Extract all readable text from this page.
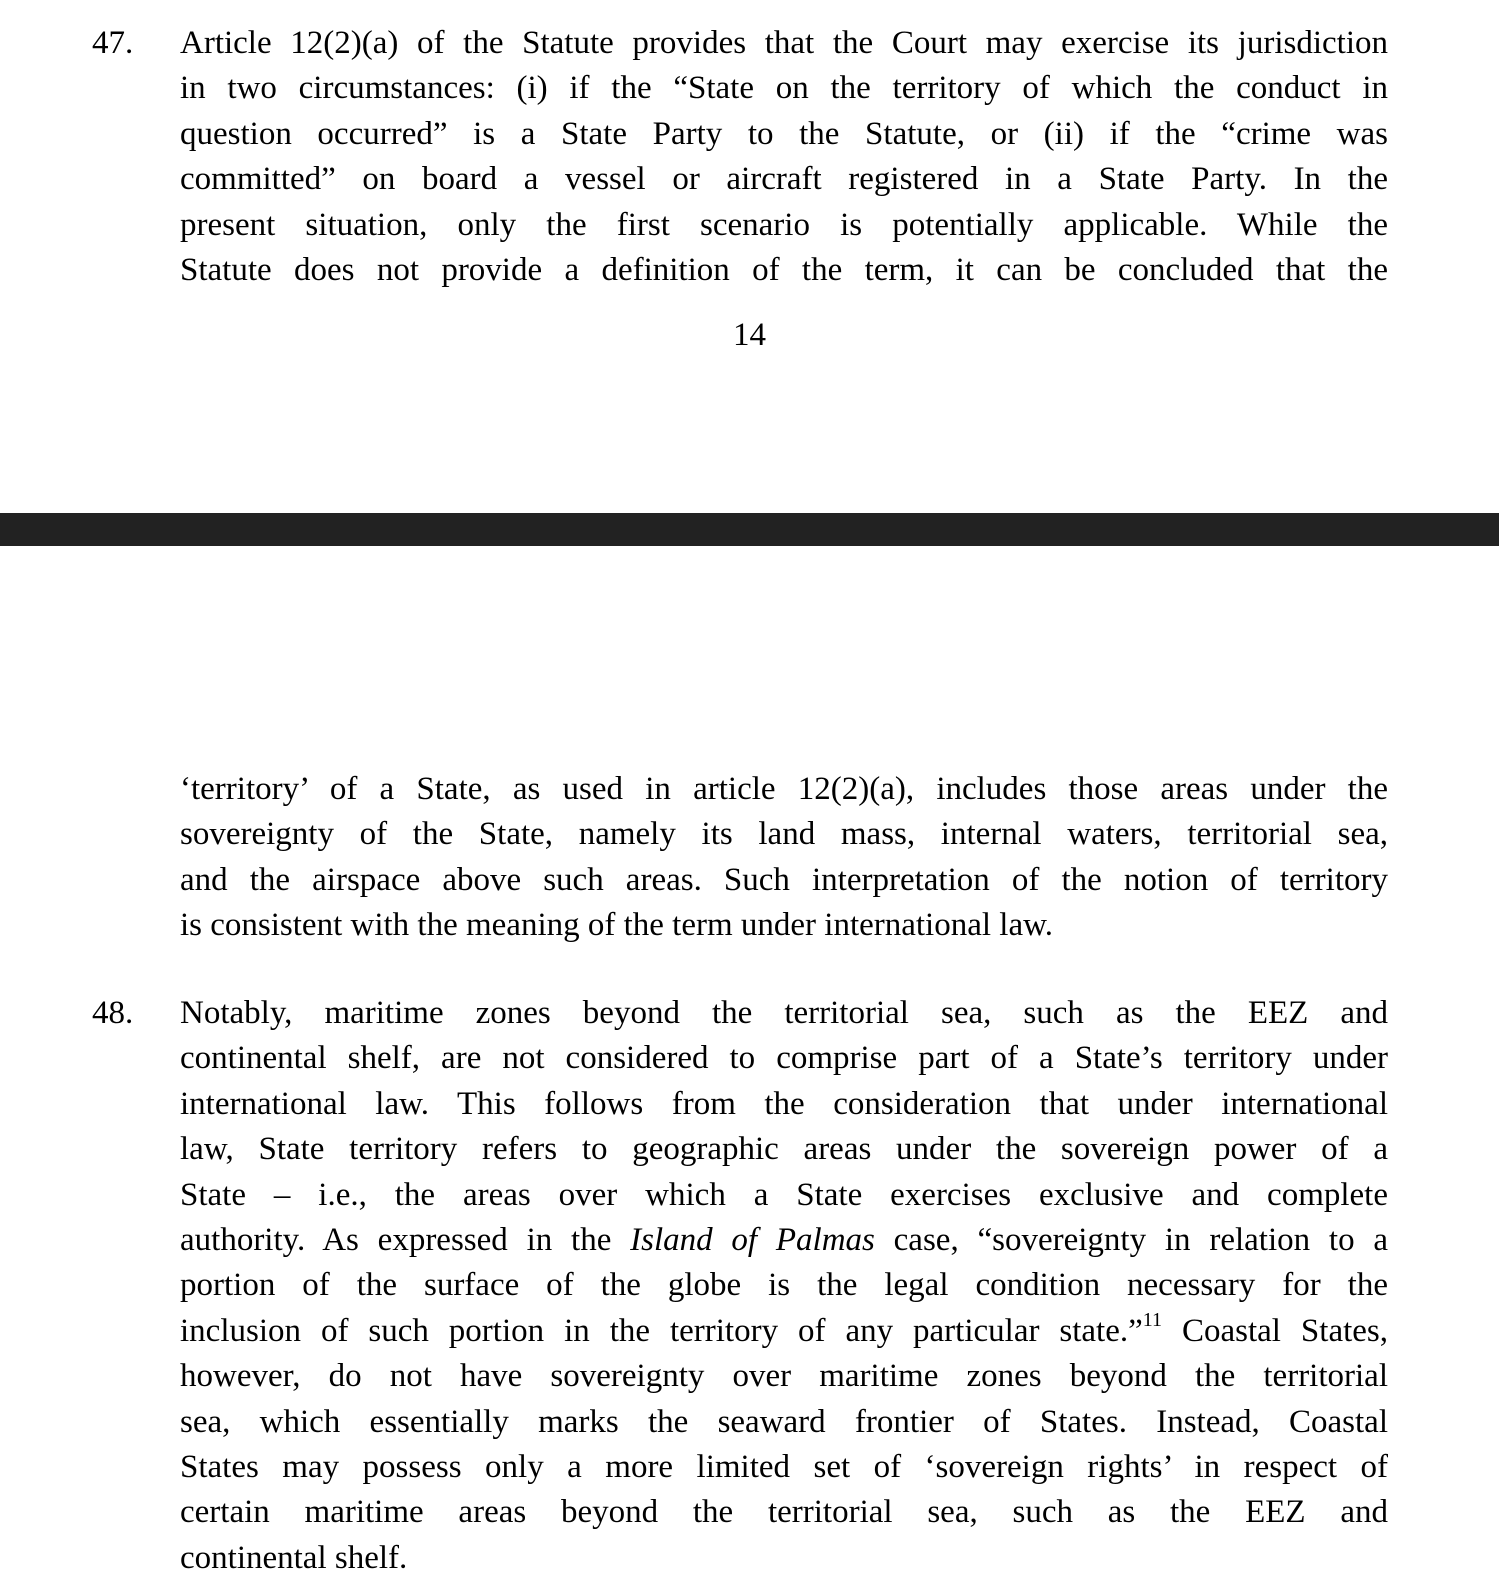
47. Article 12(2)(a) of the Statute provides that the Court may exercise its jurisdiction
in two circumstances: (i) if the “State on the territory of which the conduct in
question occurred” is a State Party to the Statute, or (ii) if the “crime was
committed” on board a vessel or aircraft registered in a State Party. In the
present situation, only the first scenario is potentially applicable. While the
Statute does not provide a definition of the term, it can be concluded that the
14
‘territory’ of a State, as used in article 12(2)(a), includes those areas under the
sovereignty of the State, namely its land mass, internal waters, territorial sea,
and the airspace above such areas. Such interpretation of the notion of territory
is consistent with the meaning of the term under international law.
48. Notably, maritime zones beyond the territorial sea, such as the EEZ and
continental shelf, are not considered to comprise part of a State’s territory under
international law. This follows from the consideration that under international
law, State territory refers to geographic areas under the sovereign power of a
State – i.e., the areas over which a State exercises exclusive and complete
authority. As expressed in the Island of Palmas case, “sovereignty in relation to a
portion of the surface of the globe is the legal condition necessary for the
inclusion of such portion in the territory of any particular state.”$^{11}$ Coastal States,
however, do not have sovereignty over maritime zones beyond the territorial
sea, which essentially marks the seaward frontier of States. Instead, Coastal
States may possess only a more limited set of ‘sovereign rights’ in respect of
certain maritime areas beyond the territorial sea, such as the EEZ and
continental shelf.
